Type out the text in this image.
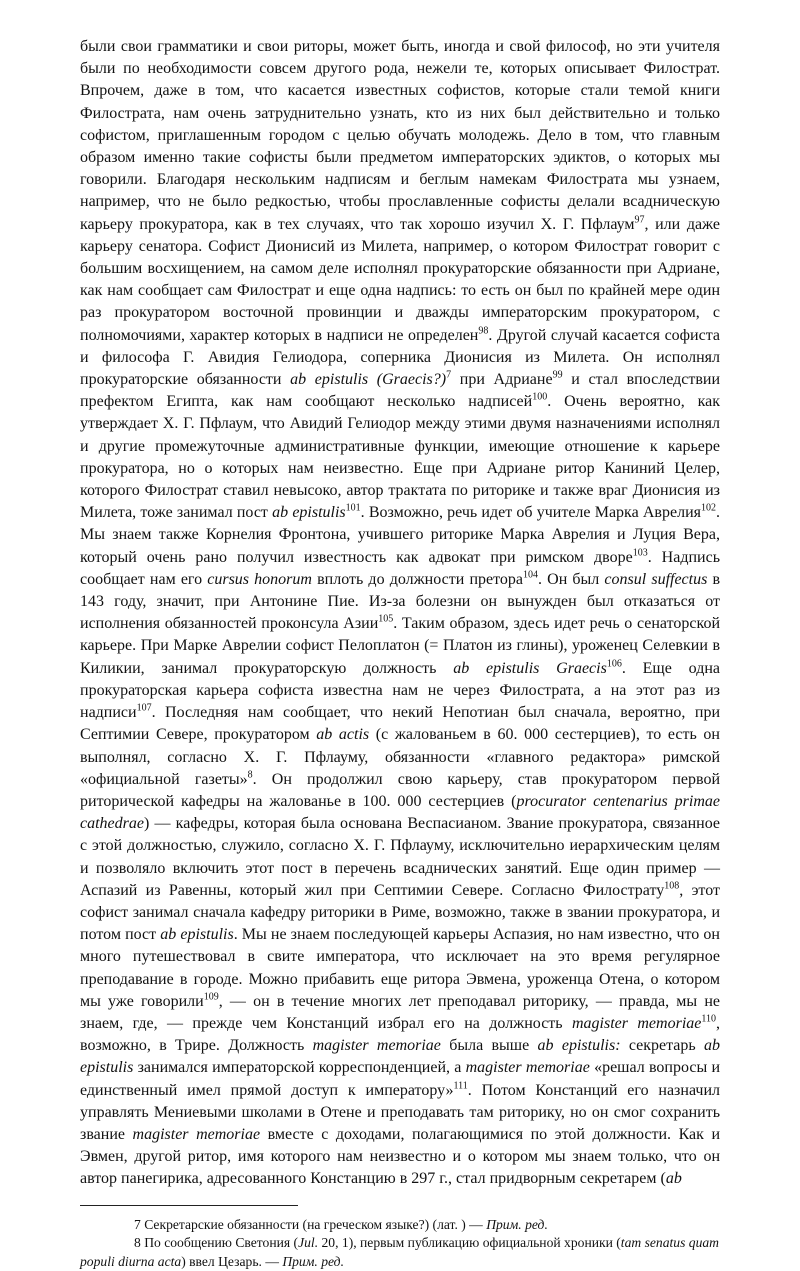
были свои грамматики и свои риторы, может быть, иногда и свой философ, но эти учителя были по необходимости совсем другого рода, нежели те, которых описывает Филострат. Впрочем, даже в том, что касается известных софистов, которые стали темой книги Филострата, нам очень затруднительно узнать, кто из них был действительно и только софистом, приглашенным городом с целью обучать молодежь. Дело в том, что главным образом именно такие софисты были предметом императорских эдиктов, о которых мы говорили. Благодаря нескольким надписям и беглым намекам Филострата мы узнаем, например, что не было редкостью, чтобы прославленные софисты делали всадническую карьеру прокуратора, как в тех случаях, что так хорошо изучил Х. Г. Пфлаум$^{97}$, или даже карьеру сенатора. Софист Дионисий из Милета, например, о котором Филострат говорит с большим восхищением, на самом деле исполнял прокураторские обязанности при Адриане, как нам сообщает сам Филострат и еще одна надпись: то есть он был по крайней мере один раз прокуратором восточной провинции и дважды императорским прокуратором, с полномочиями, характер которых в надписи не определен$^{98}$. Другой случай касается софиста и философа Г. Авидия Гелиодора, соперника Дионисия из Милета. Он исполнял прокураторские обязанности ab epistulis (Graecis?)$^7$ при Адриане$^{99}$ и стал впоследствии префектом Египта, как нам сообщают несколько надписей$^{100}$. Очень вероятно, как утверждает Х. Г. Пфлаум, что Авидий Гелиодор между этими двумя назначениями исполнял и другие промежуточные административные функции, имеющие отношение к карьере прокуратора, но о которых нам неизвестно. Еще при Адриане ритор Каниний Целер, которого Филострат ставил невысоко, автор трактата по риторике и также враг Дионисия из Милета, тоже занимал пост ab epistulis$^{101}$. Возможно, речь идет об учителе Марка Аврелия$^{102}$. Мы знаем также Корнелия Фронтона, учившего риторике Марка Аврелия и Луция Вера, который очень рано получил известность как адвокат при римском дворе$^{103}$. Надпись сообщает нам его cursus honorum вплоть до должности претора$^{104}$. Он был consul suffectus в 143 году, значит, при Антонине Пие. Из-за болезни он вынужден был отказаться от исполнения обязанностей проконсула Азии$^{105}$. Таким образом, здесь идет речь о сенаторской карьере. При Марке Аврелии софист Пелоплатон (= Платон из глины), уроженец Селевкии в Киликии, занимал прокураторскую должность ab epistulis Graecis$^{106}$. Еще одна прокураторская карьера софиста известна нам не через Филострата, а на этот раз из надписи$^{107}$. Последняя нам сообщает, что некий Непотиан был сначала, вероятно, при Септимии Севере, прокуратором ab actis (с жалованьем в 60. 000 сестерциев), то есть он выполнял, согласно Х. Г. Пфлауму, обязанности «главного редактора» римской «официальной газеты»$^8$. Он продолжил свою карьеру, став прокуратором первой риторической кафедры на жалованье в 100. 000 сестерциев (procurator centenarius primae cathedrae) — кафедры, которая была основана Веспасианом. Звание прокуратора, связанное с этой должностью, служило, согласно Х. Г. Пфлауму, исключительно иерархическим целям и позволяло включить этот пост в перечень всаднических занятий. Еще один пример — Аспазий из Равенны, который жил при Септимии Севере. Согласно Филострату$^{108}$, этот софист занимал сначала кафедру риторики в Риме, возможно, также в звании прокуратора, и потом пост ab epistulis. Мы не знаем последующей карьеры Аспазия, но нам известно, что он много путешествовал в свите императора, что исключает на это время регулярное преподавание в городе. Можно прибавить еще ритора Эвмена, уроженца Отена, о котором мы уже говорили$^{109}$, — он в течение многих лет преподавал риторику, — правда, мы не знаем, где, — прежде чем Констанций избрал его на должность magister memoriae$^{110}$, возможно, в Трире. Должность magister memoriae была выше ab epistulis: секретарь ab epistulis занимался императорской корреспонденцией, а magister memoriae «решал вопросы и единственный имел прямой доступ к императору»$^{111}$. Потом Констанций его назначил управлять Мениевыми школами в Отене и преподавать там риторику, но он смог сохранить звание magister memoriae вместе с доходами, полагающимися по этой должности. Как и Эвмен, другой ритор, имя которого нам неизвестно и о котором мы знаем только, что он автор панегирика, адресованного Констанцию в 297 г., стал придворным секретарем (ab

7 Секретарские обязанности (на греческом языке?) (лат. ) — Прим. ред.

8 По сообщению Светония (Jul. 20, 1), первым публикацию официальной хроники (tam senatus quam populi diurna acta) ввел Цезарь. — Прим. ред.
